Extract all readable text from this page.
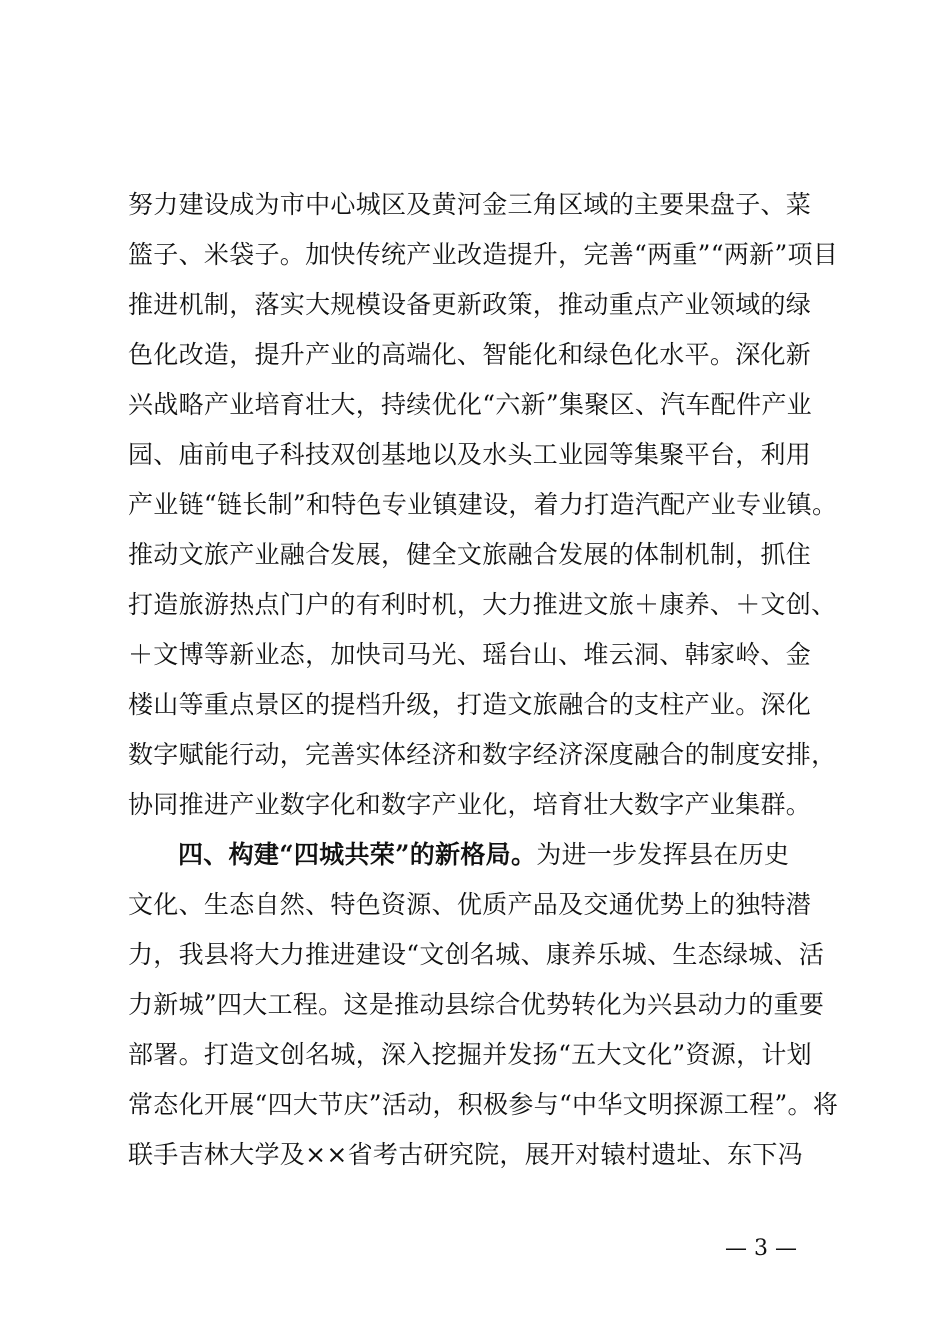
努力建设成为市中心城区及黄河金三角区域的主要果盘子、菜
篮子、米袋子。加快传统产业改造提升，完善“两重”“两新”项目
推进机制，落实大规模设备更新政策，推动重点产业领域的绿
色化改造，提升产业的高端化、智能化和绿色化水平。深化新
兴战略产业培育壮大，持续优化“六新”集聚区、汽车配件产业
园、庙前电子科技双创基地以及水头工业园等集聚平台，利用
产业链“链长制”和特色专业镇建设，着力打造汽配产业专业镇。
推动文旅产业融合发展，健全文旅融合发展的体制机制，抓住
打造旅游热点门户的有利时机，大力推进文旅＋康养、＋文创、
＋文博等新业态，加快司马光、瑶台山、堆云洞、韩家岭、金
楼山等重点景区的提档升级，打造文旅融合的支柱产业。深化
数字赋能行动，完善实体经济和数字经济深度融合的制度安排，
协同推进产业数字化和数字产业化，培育壮大数字产业集群。
四、构建“四城共荣”的新格局。为进一步发挥县在历史
文化、生态自然、特色资源、优质产品及交通优势上的独特潜
力，我县将大力推进建设“文创名城、康养乐城、生态绿城、活
力新城”四大工程。这是推动县综合优势转化为兴县动力的重要
部署。打造文创名城，深入挖掘并发扬“五大文化”资源，计划
常态化开展“四大节庆”活动，积极参与“中华文明探源工程”。将
联手吉林大学及××省考古研究院，展开对辕村遗址、东下冯
— 3 —
